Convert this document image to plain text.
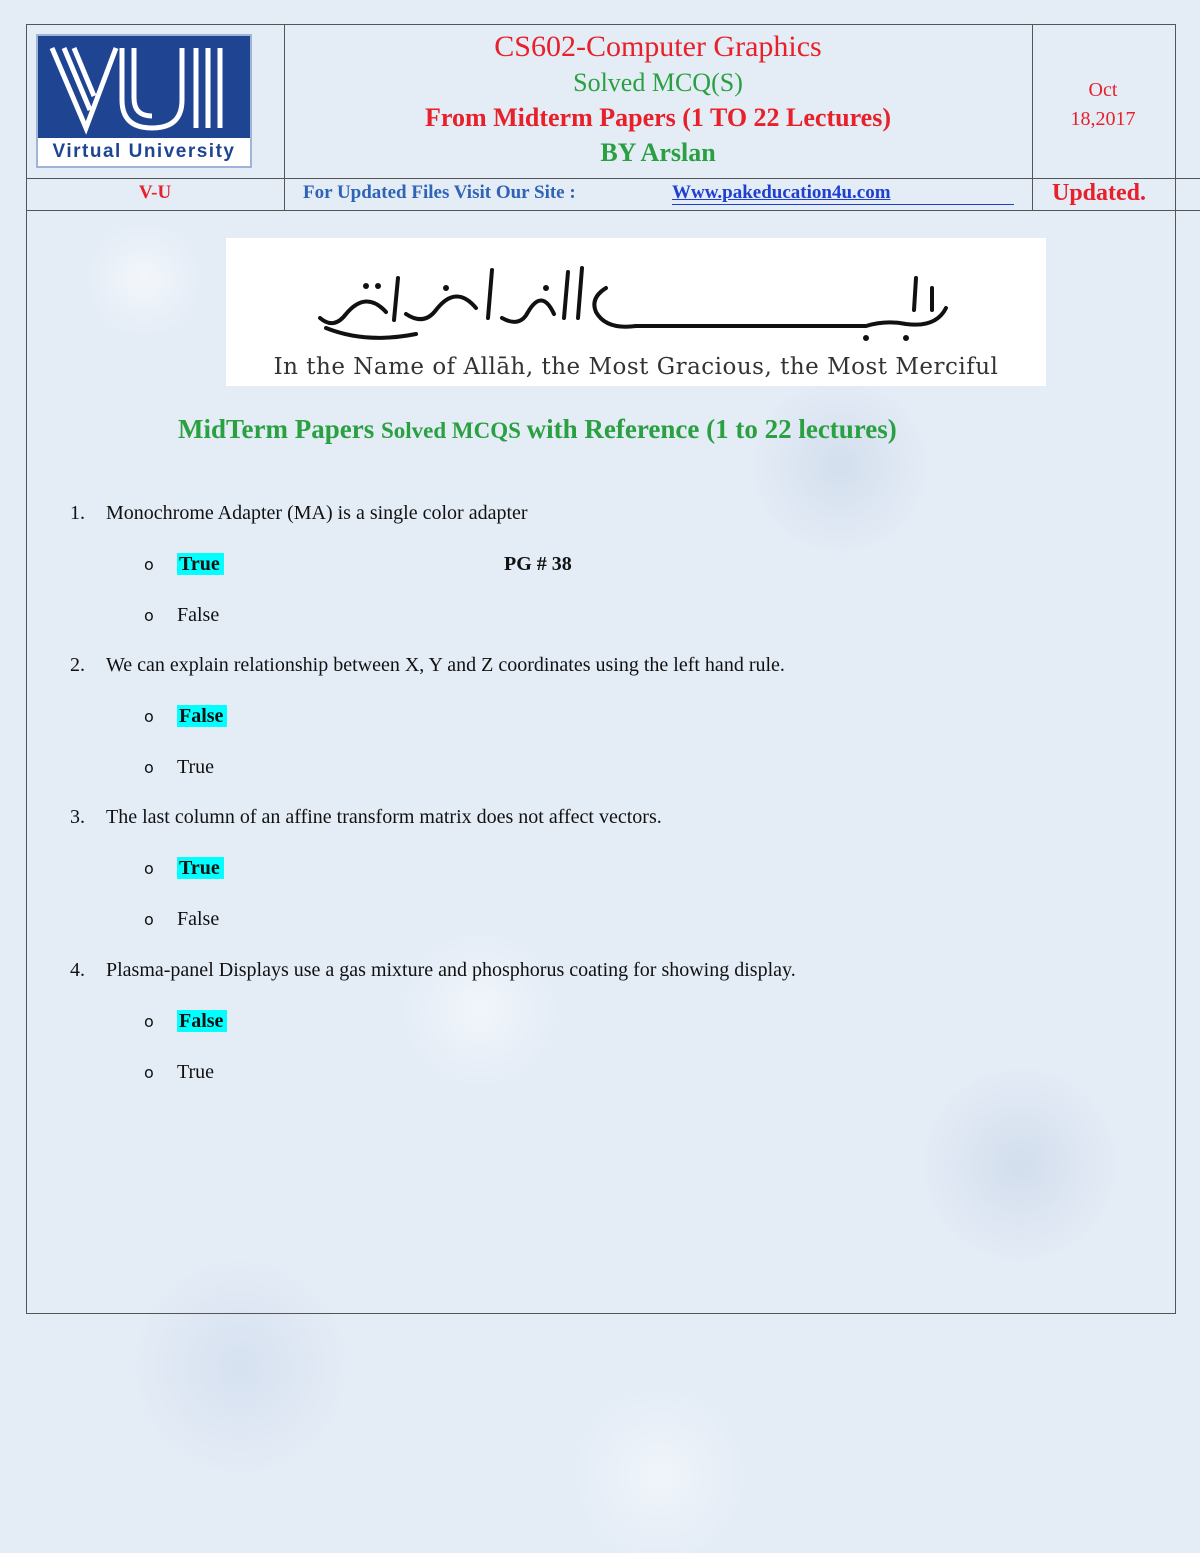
Virtual University
CS602-Computer Graphics
Solved MCQ(S)
From Midterm Papers (1 TO 22 Lectures)
BY Arslan
Oct
18,2017
V-U	For Updated Files Visit Our Site :	Www.pakeducation4u.com	Updated.
In the Name of Allāh, the Most Gracious, the Most Merciful
MidTerm Papers Solved MCQS with Reference (1 to 22 lectures)
1. Monochrome Adapter (MA) is a single color adapter
o True	PG # 38
o False
2. We can explain relationship between X, Y and Z coordinates using the left hand rule.
o False
o True
3. The last column of an affine transform matrix does not affect vectors.
o True
o False
4. Plasma-panel Displays use a gas mixture and phosphorus coating for showing display.
o False
o True
